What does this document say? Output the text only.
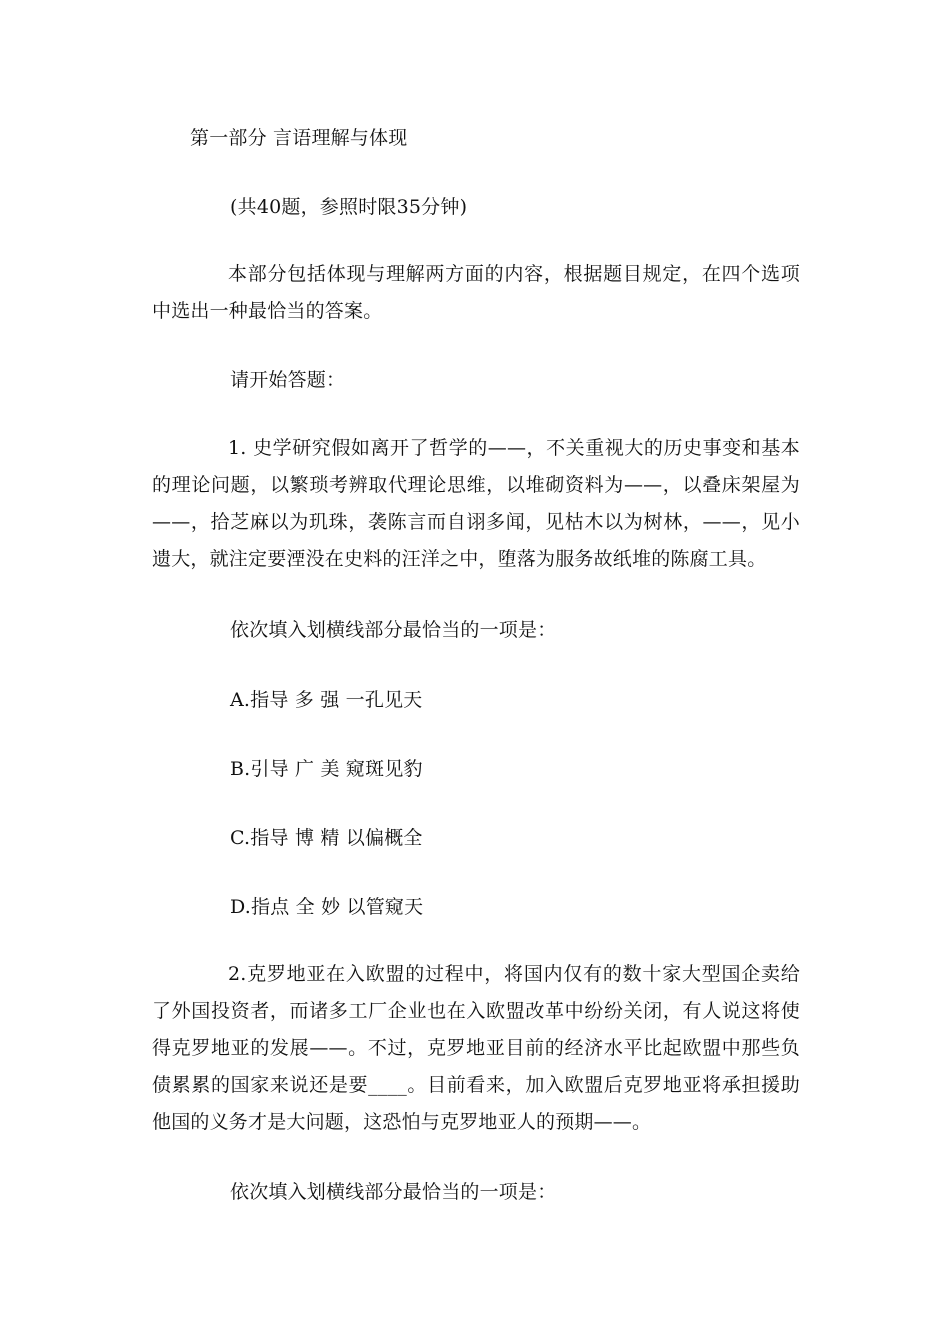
第一部分 言语理解与体现
(共40题，参照时限35分钟)
本部分包括体现与理解两方面的内容，根据题目规定，在四个选项中选出一种最恰当的答案。
请开始答题：
1. 史学研究假如离开了哲学的——，不关重视大的历史事变和基本的理论问题，以繁琐考辨取代理论思维，以堆砌资料为——，以叠床架屋为——，拾芝麻以为玑珠，袭陈言而自诩多闻，见枯木以为树林，——，见小遗大，就注定要湮没在史料的汪洋之中，堕落为服务故纸堆的陈腐工具。
依次填入划横线部分最恰当的一项是：
A.指导 多 强 一孔见天
B.引导 广 美 窥斑见豹
C.指导 博 精 以偏概全
D.指点 全 妙 以管窥天
2.克罗地亚在入欧盟的过程中，将国内仅有的数十家大型国企卖给了外国投资者，而诸多工厂企业也在入欧盟改革中纷纷关闭，有人说这将使得克罗地亚的发展——。不过，克罗地亚目前的经济水平比起欧盟中那些负债累累的国家来说还是要____。目前看来，加入欧盟后克罗地亚将承担援助他国的义务才是大问题，这恐怕与克罗地亚人的预期——。
依次填入划横线部分最恰当的一项是：
